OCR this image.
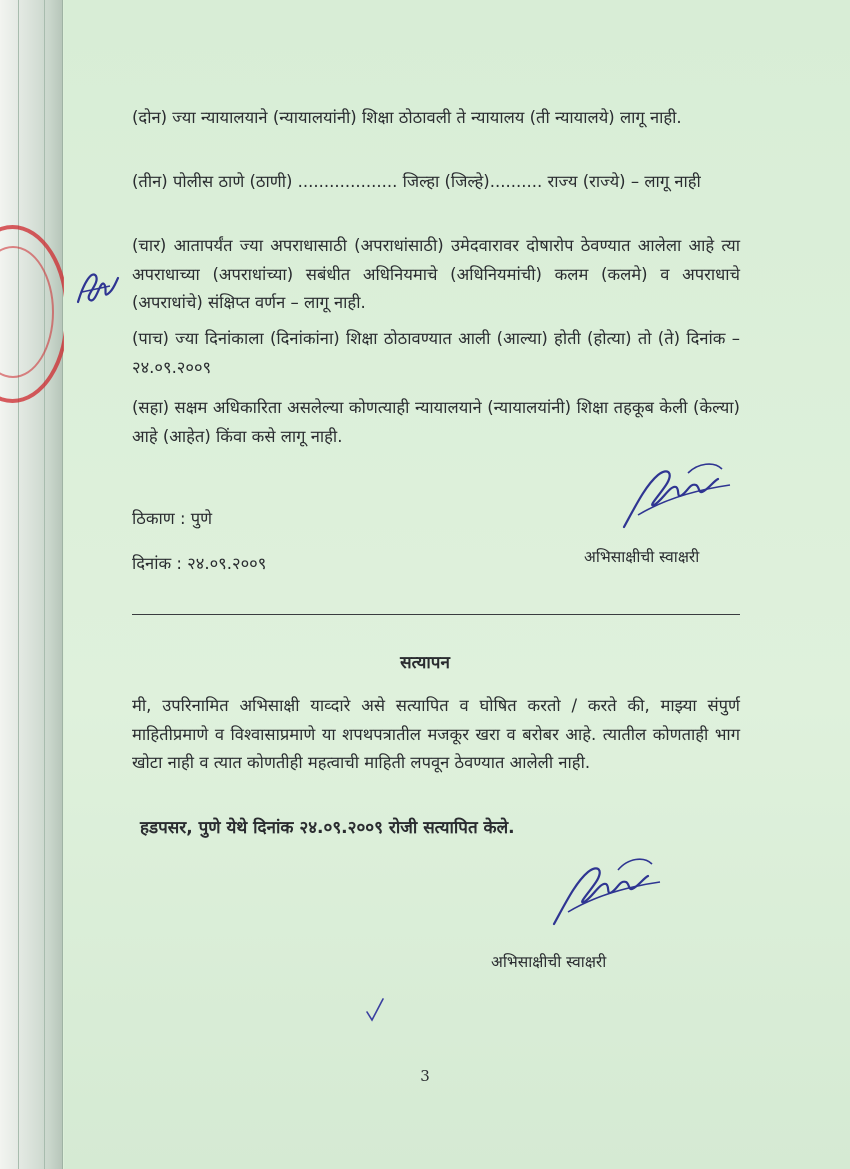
(दोन) ज्या न्यायालयाने (न्यायालयांनी) शिक्षा ठोठावली ते न्यायालय (ती न्यायालये) लागू नाही.

(तीन) पोलीस ठाणे (ठाणी) ................... जिल्हा (जिल्हे).......... राज्य (राज्ये) – लागू नाही

(चार) आतापर्यंत ज्या अपराधासाठी (अपराधांसाठी) उमेदवारावर दोषारोप ठेवण्यात आलेला आहे त्या अपराधाच्या (अपराधांच्या) सबंधीत अधिनियमाचे (अधिनियमांची) कलम (कलमे) व अपराधाचे (अपराधांचे) संक्षिप्त वर्णन – लागू नाही.

(पाच) ज्या दिनांकाला (दिनांकांना) शिक्षा ठोठावण्यात आली (आल्या) होती (होत्या) तो (ते) दिनांक – २४.०९.२००९

(सहा) सक्षम अधिकारिता असलेल्या कोणत्याही न्यायालयाने (न्यायालयांनी) शिक्षा तहकूब केली (केल्या) आहे (आहेत) किंवा कसे लागू नाही.

ठिकाण : पुणे
दिनांक : २४.०९.२००९	अभिसाक्षीची स्वाक्षरी
सत्यापन

मी, उपरिनामित अभिसाक्षी याव्दारे असे सत्यापित व घोषित करतो / करते की, माझ्या संपुर्ण माहितीप्रमाणे व विश्वासाप्रमाणे या शपथपत्रातील मजकूर खरा व बरोबर आहे. त्यातील कोणताही भाग खोटा नाही व त्यात कोणतीही महत्वाची माहिती लपवून ठेवण्यात आलेली नाही.

हडपसर, पुणे येथे दिनांक २४.०९.२००९ रोजी सत्यापित केले.
अभिसाक्षीची स्वाक्षरी
3
